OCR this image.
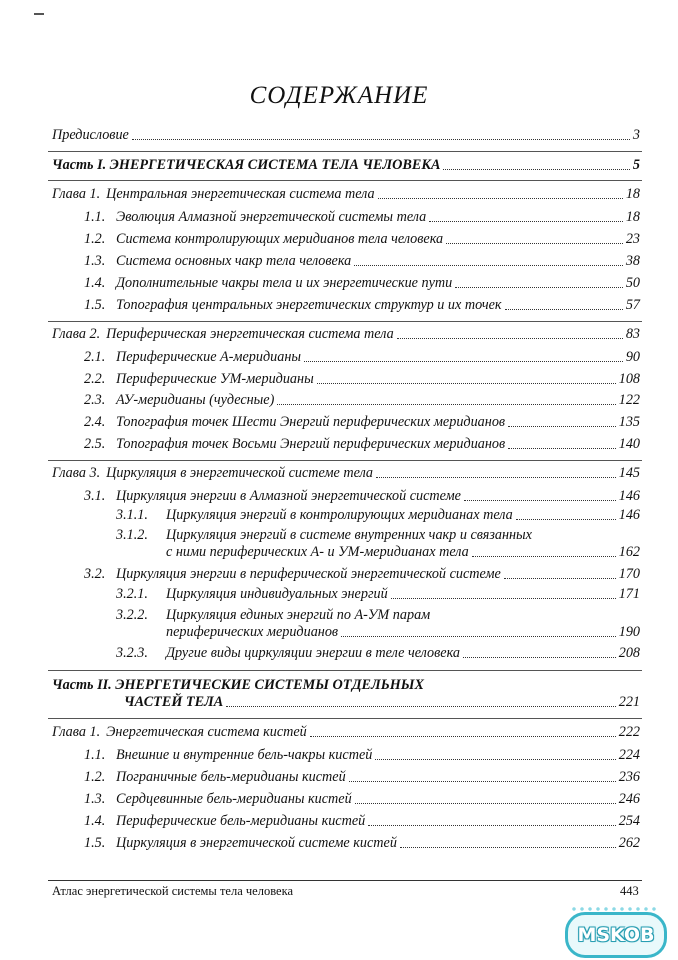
СОДЕРЖАНИЕ
Предисловие	3
Часть I. ЭНЕРГЕТИЧЕСКАЯ СИСТЕМА ТЕЛА ЧЕЛОВЕКА	5
Глава 1. Центральная энергетическая система тела	18
1.1. Эволюция Алмазной энергетической системы тела	18
1.2. Система контролирующих меридианов тела человека	23
1.3. Система основных чакр тела человека	38
1.4. Дополнительные чакры тела и их энергетические пути	50
1.5. Топография центральных энергетических структур и их точек	57
Глава 2. Периферическая энергетическая система тела	83
2.1. Периферические А-меридианы	90
2.2. Периферические УМ-меридианы	108
2.3. АУ-меридианы (чудесные)	122
2.4. Топография точек Шести Энергий периферических меридианов	135
2.5. Топография точек Восьми Энергий периферических меридианов	140
Глава 3. Циркуляция в энергетической системе тела	145
3.1. Циркуляция энергии в Алмазной энергетической системе	146
3.1.1.	Циркуляция энергий в контролирующих меридианах тела	146
3.1.2. Циркуляция энергий в системе внутренних чакр и связанных
с ними периферических А- и УМ-меридианах тела	162
3.2. Циркуляция энергии в периферической энергетической системе	170
3.2.1.	Циркуляция индивидуальных энергий	171
3.2.2. Циркуляция единых энергий по А-УМ парам
периферических меридианов	190
3.2.3.	Другие виды циркуляции энергии в теле человека	208
Часть II. ЭНЕРГЕТИЧЕСКИЕ СИСТЕМЫ ОТДЕЛЬНЫХ
ЧАСТЕЙ ТЕЛА	221
Глава 1. Энергетическая система кистей	222
1.1. Внешние и внутренние бель-чакры кистей	224
1.2. Пограничные бель-меридианы кистей	236
1.3. Сердцевинные бель-меридианы кистей	246
1.4. Периферические бель-меридианы кистей	254
1.5. Циркуляция в энергетической системе кистей	262
Атлас энергетической системы тела человека	443
MSKOB
